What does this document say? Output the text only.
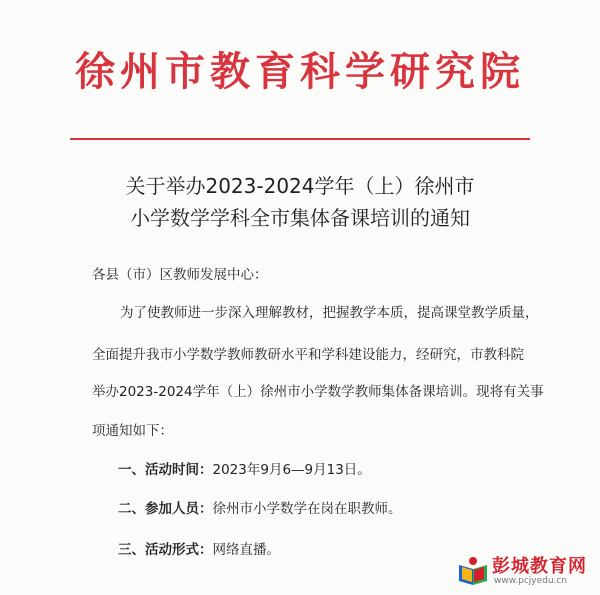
徐州市教育科学研究院
关于举办2023-2024学年（上）徐州市
小学数学学科全市集体备课培训的通知
各县（市）区教师发展中心：
为了使教师进一步深入理解教材，把握教学本质，提高课堂教学质量，
全面提升我市小学数学教师教研水平和学科建设能力，经研究，市教科院
举办2023-2024学年（上）徐州市小学数学教师集体备课培训。现将有关事
项通知如下：
一、活动时间：2023年9月6—9月13日。
二、参加人员：徐州市小学数学在岗在职教师。
三、活动形式：网络直播。
彭城教育网
www.pcjyedu.cn
